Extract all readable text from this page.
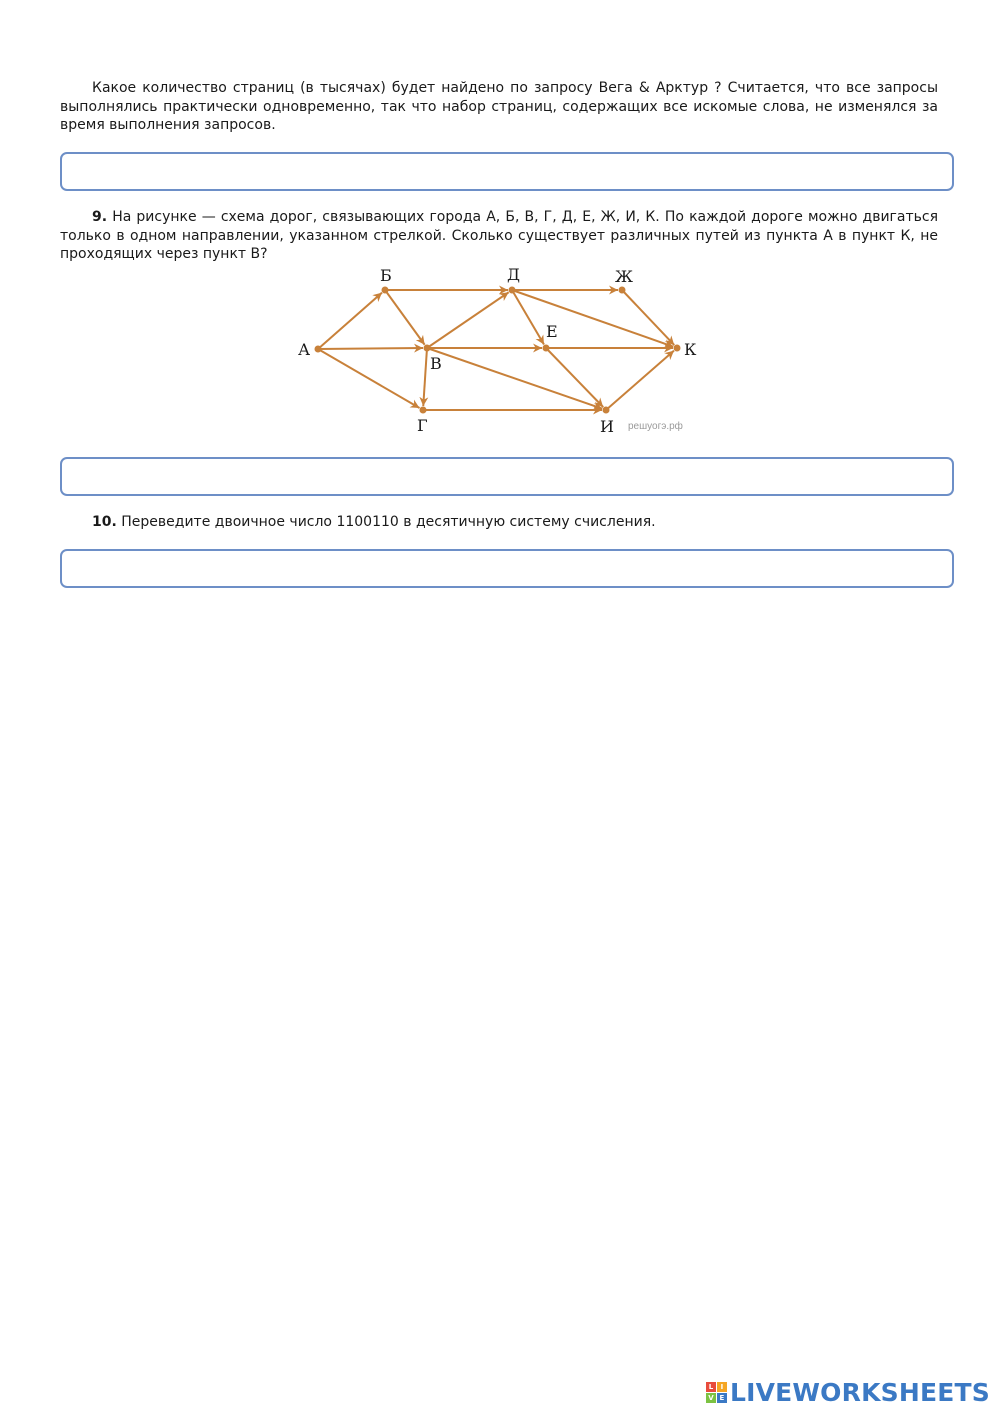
Какое количество страниц (в тысячах) будет найдено по запросу Вега & Арктур ? Считается, что все запросы выполнялись практически одновременно, так что набор страниц, содержащих все искомые слова, не изменялся за время выполнения запросов.

9. На рисунке — схема дорог, связывающих города А, Б, В, Г, Д, Е, Ж, И, К. По каждой дороге можно двигаться только в одном направлении, указанном стрелкой. Сколько существует различных путей из пункта А в пункт К, не проходящих через пункт В?

А
Б
В
Г
Д
Е
Ж
И
К
решуогэ.рф

10. Переведите двоичное число 1100110 в десятичную систему счисления.

L	I
V E LIVEWORKSHEETS
